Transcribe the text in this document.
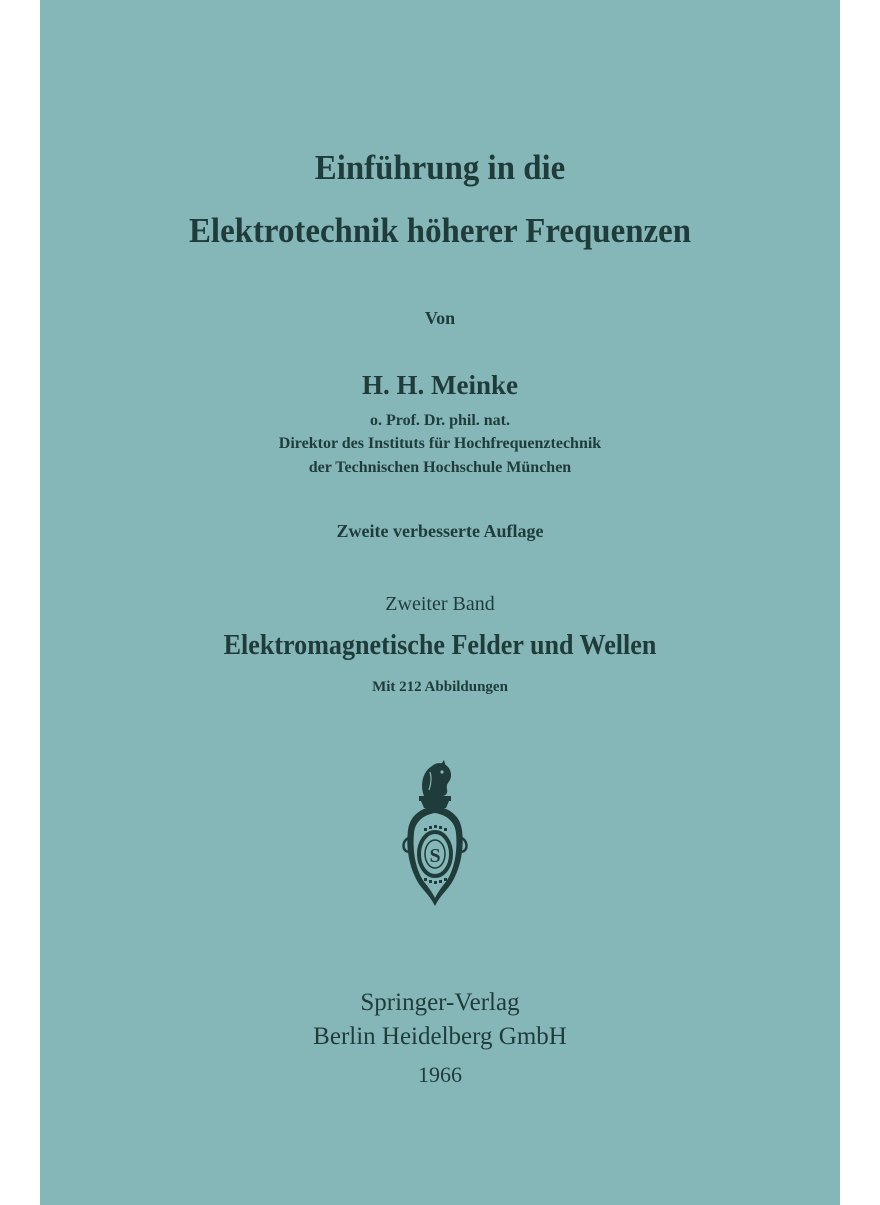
Einführung in die
Elektrotechnik höherer Frequenzen
Von
H. H. Meinke
o. Prof. Dr. phil. nat.
Direktor des Instituts für Hochfrequenztechnik
der Technischen Hochschule München
Zweite verbesserte Auflage
Zweiter Band
Elektromagnetische Felder und Wellen
Mit 212 Abbildungen
S
Springer-Verlag
Berlin Heidelberg GmbH
1966
